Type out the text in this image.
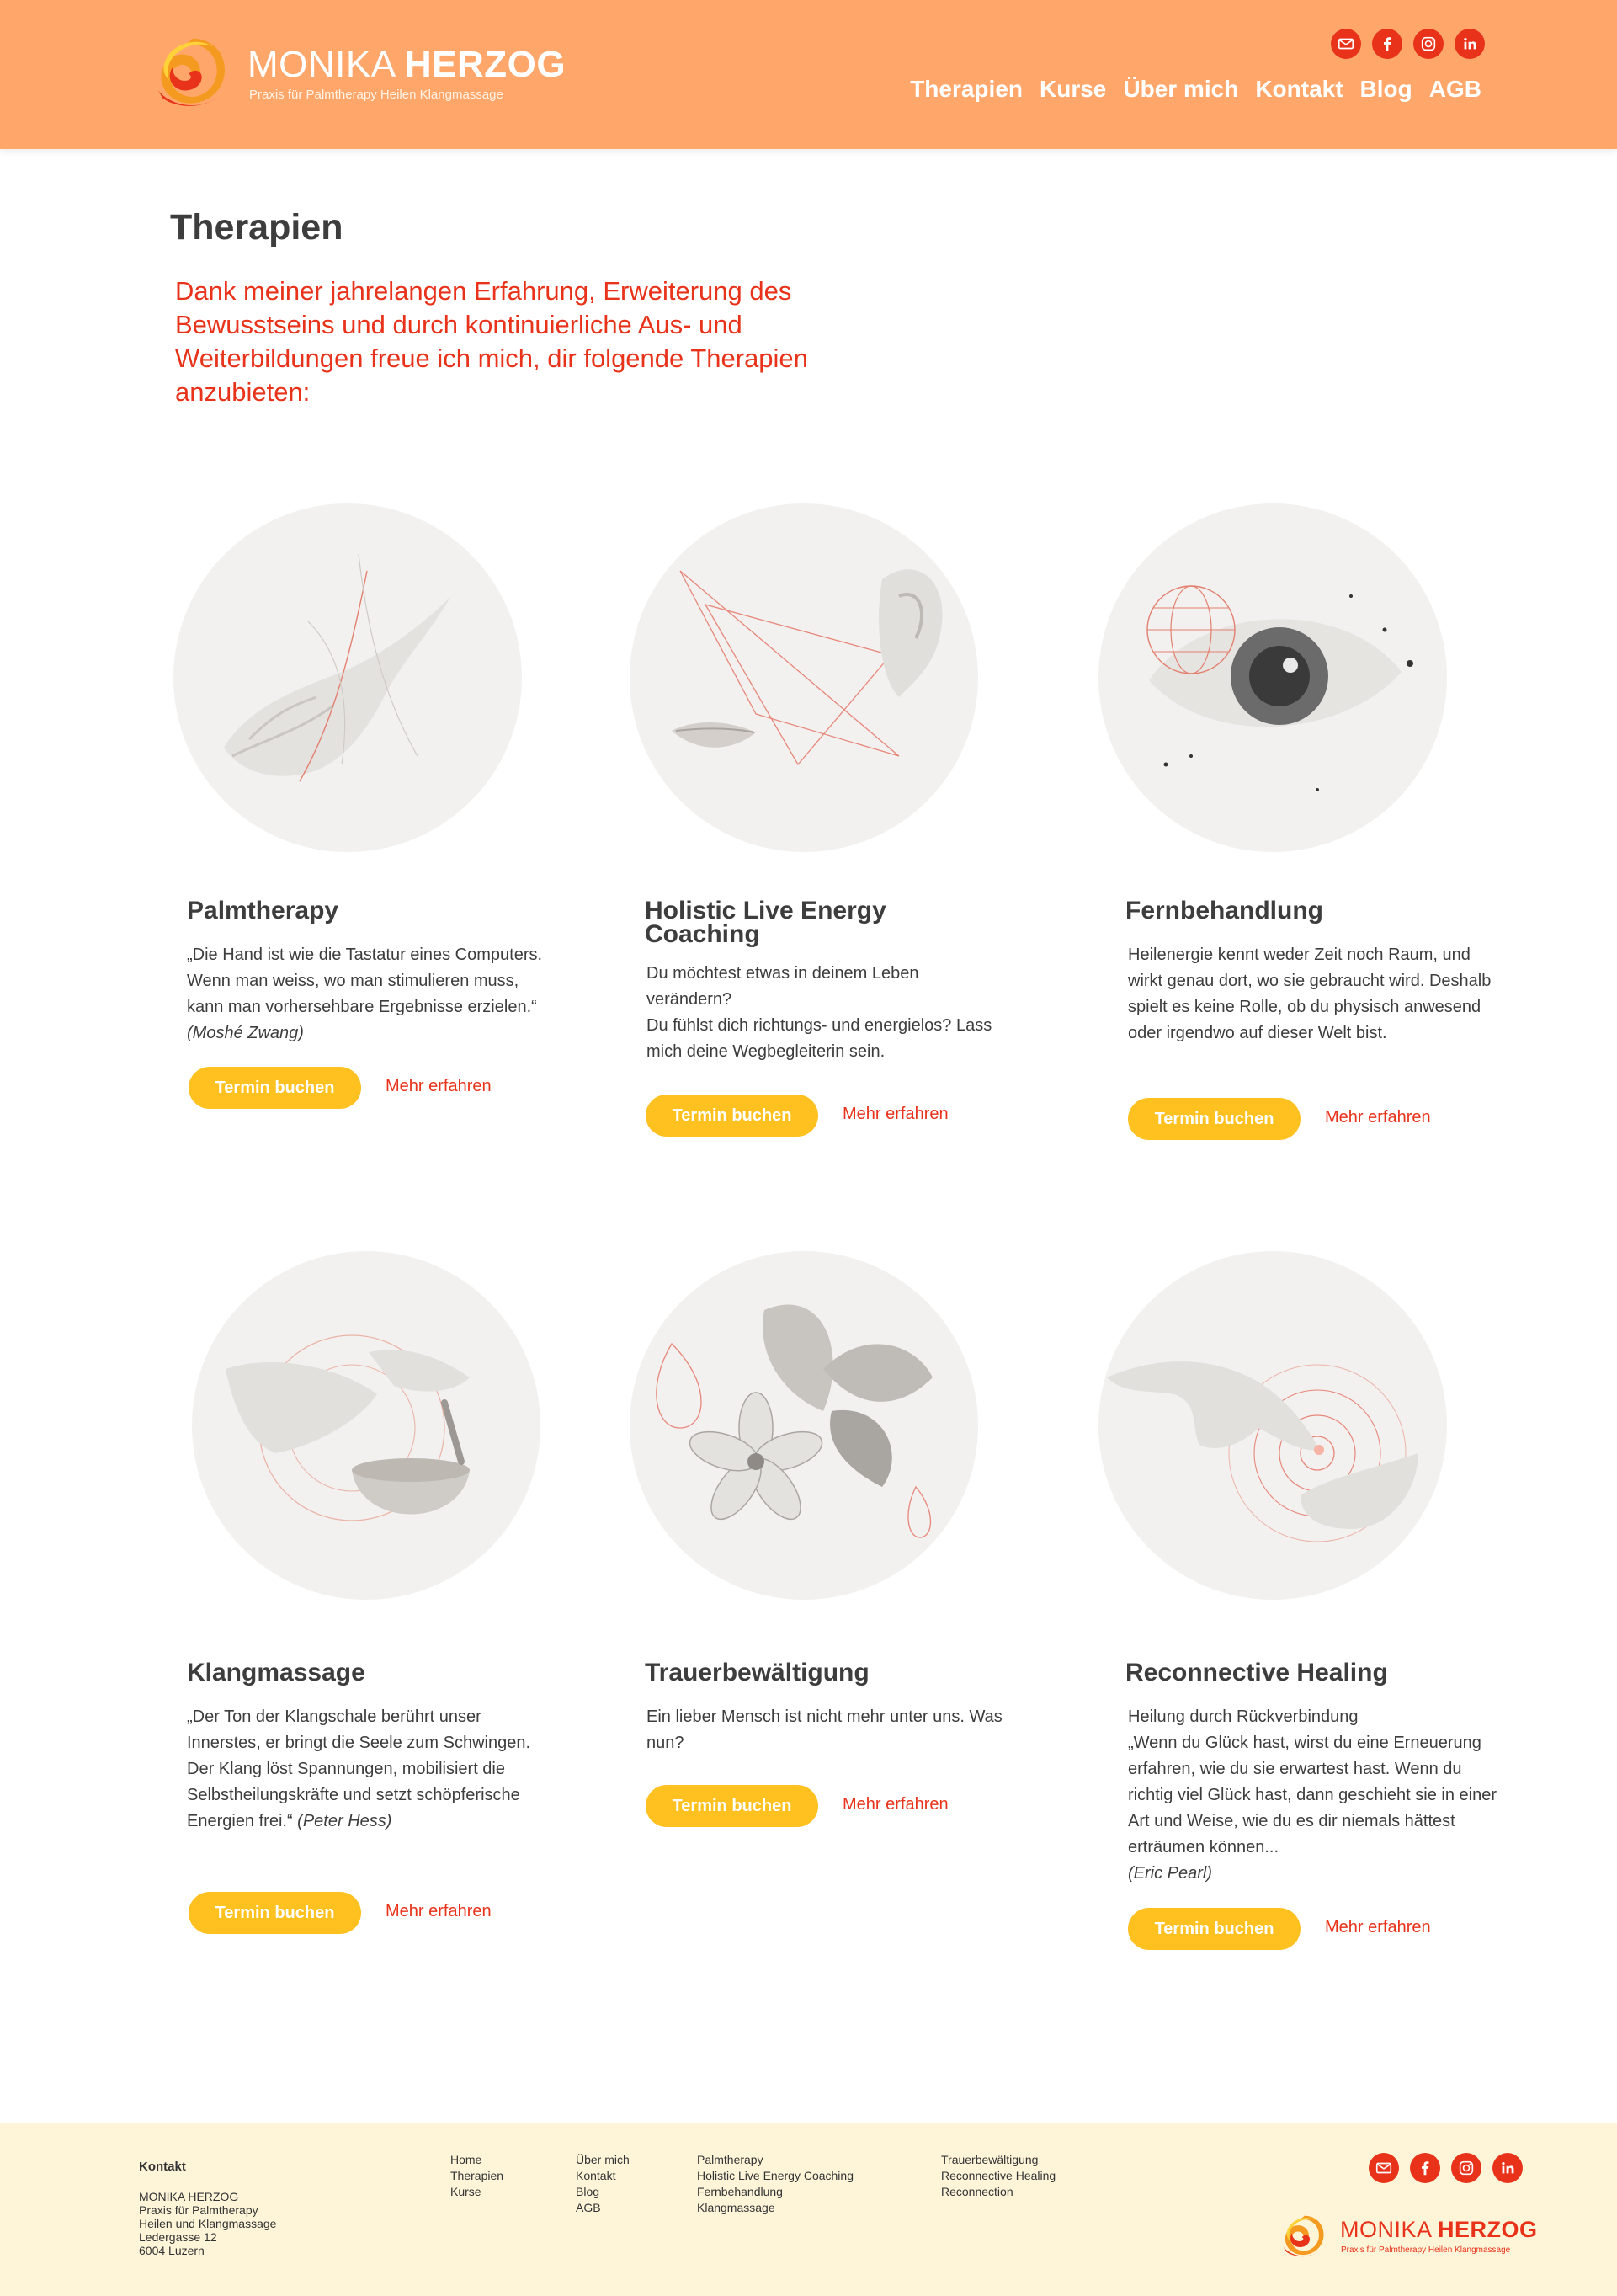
MONIKA HERZOG
Praxis für Palmtherapy Heilen Klangmassage	Therapien Kurse Über mich Kontakt Blog AGB
Therapien
Dank meiner jahrelangen Erfahrung, Erweiterung des Bewusstseins und durch kontinuierliche Aus- und Weiterbildungen freue ich mich, dir folgende Therapien anzubieten:
Palmtherapy
„Die Hand ist wie die Tastatur eines Computers. Wenn man weiss, wo man stimulieren muss, kann man vorhersehbare Ergebnisse erzielen.“ (Moshé Zwang)
Termin buchen	Mehr erfahren
Holistic Live Energy Coaching
Du möchtest etwas in deinem Leben verändern?
Du fühlst dich richtungs- und energielos? Lass mich deine Wegbegleiterin sein.
Termin buchen	Mehr erfahren
Fernbehandlung
Heilenergie kennt weder Zeit noch Raum, und wirkt genau dort, wo sie gebraucht wird. Deshalb spielt es keine Rolle, ob du physisch anwesend oder irgendwo auf dieser Welt bist.
Termin buchen	Mehr erfahren
Klangmassage
„Der Ton der Klangschale berührt unser Innerstes, er bringt die Seele zum Schwingen. Der Klang löst Spannungen, mobilisiert die Selbstheilungskräfte und setzt schöpferische Energien frei.“ (Peter Hess)
Termin buchen	Mehr erfahren
Trauerbewältigung
Ein lieber Mensch ist nicht mehr unter uns. Was nun?
Termin buchen	Mehr erfahren
Reconnective Healing
Heilung durch Rückverbindung
„Wenn du Glück hast, wirst du eine Erneuerung erfahren, wie du sie erwartest hast. Wenn du richtig viel Glück hast, dann geschieht sie in einer Art und Weise, wie du es dir niemals hättest erträumen können...
(Eric Pearl)
Termin buchen	Mehr erfahren
Kontakt
MONIKA HERZOG
Praxis für Palmtherapy
Heilen und Klangmassage
Ledergasse 12
6004 Luzern
Home
Therapien
Kurse
Über mich
Kontakt
Blog
AGB
Palmtherapy
Holistic Live Energy Coaching
Fernbehandlung
Klangmassage
Trauerbewältigung
Reconnective Healing
Reconnection
MONIKA HERZOG
Praxis für Palmtherapy Heilen Klangmassage
